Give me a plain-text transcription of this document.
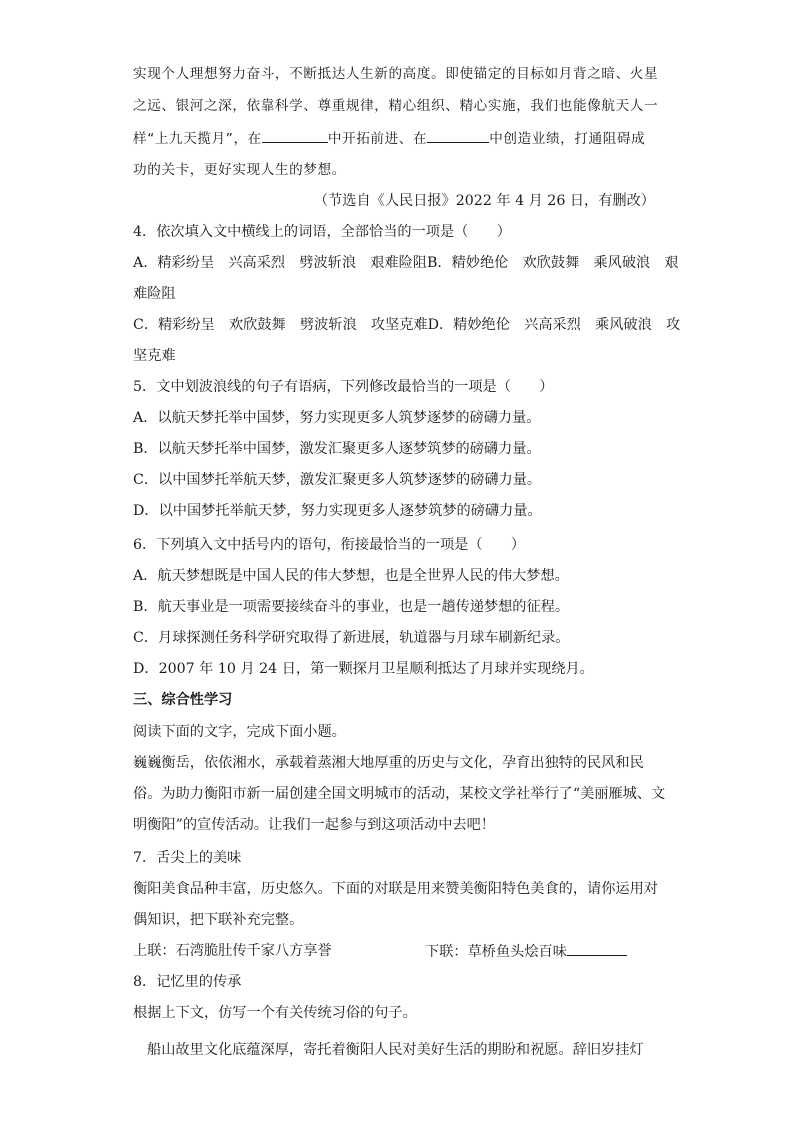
实现个人理想努力奋斗，不断抵达人生新的高度。即使锚定的目标如月背之暗、火星
之远、银河之深，依靠科学、尊重规律，精心组织、精心实施，我们也能像航天人一
样“上九天揽月”，在	中开拓前进、在	中创造业绩，打通阻碍成
功的关卡，更好实现人生的梦想。
（节选自《人民日报》2022 年 4 月 26 日，有删改）
4．依次填入文中横线上的词语，全部恰当的一项是（　　）
A．精彩纷呈　兴高采烈　劈波斩浪　艰难险阻B．精妙绝伦　欢欣鼓舞　乘风破浪　艰
难险阻
C．精彩纷呈　欢欣鼓舞　劈波斩浪　攻坚克难D．精妙绝伦　兴高采烈　乘风破浪　攻
坚克难
5．文中划波浪线的句子有语病，下列修改最恰当的一项是（　　）
A．以航天梦托举中国梦，努力实现更多人筑梦逐梦的磅礴力量。
B．以航天梦托举中国梦，激发汇聚更多人逐梦筑梦的磅礴力量。
C．以中国梦托举航天梦，激发汇聚更多人筑梦逐梦的磅礴力量。
D．以中国梦托举航天梦，努力实现更多人逐梦筑梦的磅礴力量。
6．下列填入文中括号内的语句，衔接最恰当的一项是（　　）
A．航天梦想既是中国人民的伟大梦想，也是全世界人民的伟大梦想。
B．航天事业是一项需要接续奋斗的事业，也是一趟传递梦想的征程。
C．月球探测任务科学研究取得了新进展，轨道器与月球车刷新纪录。
D．2007 年 10 月 24 日，第一颗探月卫星顺利抵达了月球并实现绕月。
三、综合性学习
阅读下面的文字，完成下面小题。
巍巍衡岳，依依湘水，承载着蒸湘大地厚重的历史与文化，孕育出独特的民风和民
俗。为助力衡阳市新一届创建全国文明城市的活动，某校文学社举行了“美丽雁城、文
明衡阳”的宣传活动。让我们一起参与到这项活动中去吧！
7．舌尖上的美味
衡阳美食品种丰富，历史悠久。下面的对联是用来赞美衡阳特色美食的，请你运用对
偶知识，把下联补充完整。
上联：石湾脆肚传千家八方享誉	下联：草桥鱼头烩百味
8．记忆里的传承
根据上下文，仿写一个有关传统习俗的句子。
船山故里文化底蕴深厚，寄托着衡阳人民对美好生活的期盼和祝愿。辞旧岁挂灯
